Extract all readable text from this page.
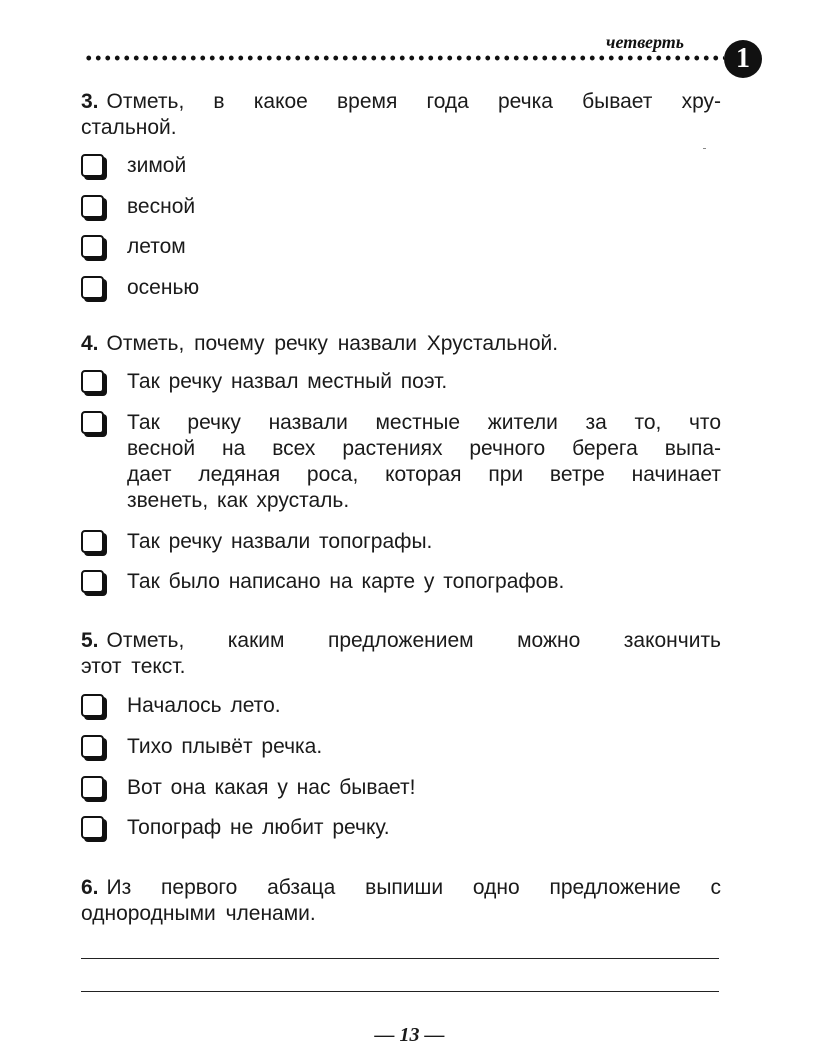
четверть
1
3. Отметь, в какое время года речка бывает хру-
стальной.
зимой
весной
летом
осенью
4. Отметь, почему речку назвали Хрустальной.
Так речку назвал местный поэт.
Так речку назвали местные жители за то, что
весной на всех растениях речного берега выпа-
дает ледяная роса, которая при ветре начинает
звенеть, как хрусталь.
Так речку назвали топографы.
Так было написано на карте у топографов.
5. Отметь, каким предложением можно закончить
этот текст.
Началось лето.
Тихо плывёт речка.
Вот она какая у нас бывает!
Топограф не любит речку.
6. Из первого абзаца выпиши одно предложение с
однородными членами.
— 13 —
